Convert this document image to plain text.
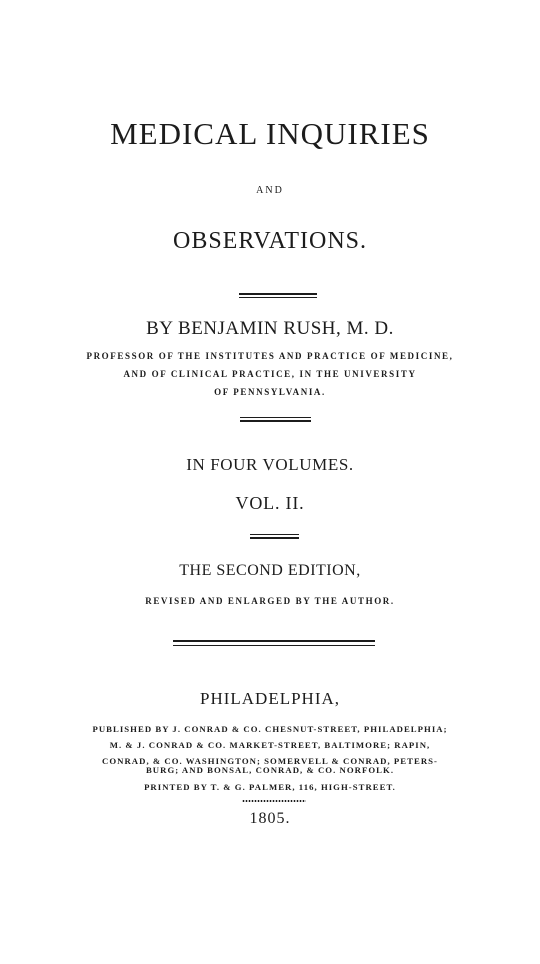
MEDICAL INQUIRIES
AND
OBSERVATIONS.
BY BENJAMIN RUSH, M. D.
PROFESSOR OF THE INSTITUTES AND PRACTICE OF MEDICINE,
AND OF CLINICAL PRACTICE, IN THE UNIVERSITY
OF PENNSYLVANIA.
IN FOUR VOLUMES.
VOL. II.
THE SECOND EDITION,
REVISED AND ENLARGED BY THE AUTHOR.
PHILADELPHIA,
PUBLISHED BY J. CONRAD & CO. CHESNUT-STREET, PHILADELPHIA;
M. & J. CONRAD & CO. MARKET-STREET, BALTIMORE; RAPIN,
CONRAD, & CO. WASHINGTON; SOMERVELL & CONRAD, PETERS-
BURG; AND BONSAL, CONRAD, & CO. NORFOLK.
PRINTED BY T. & G. PALMER, 116, HIGH-STREET.
1805.
